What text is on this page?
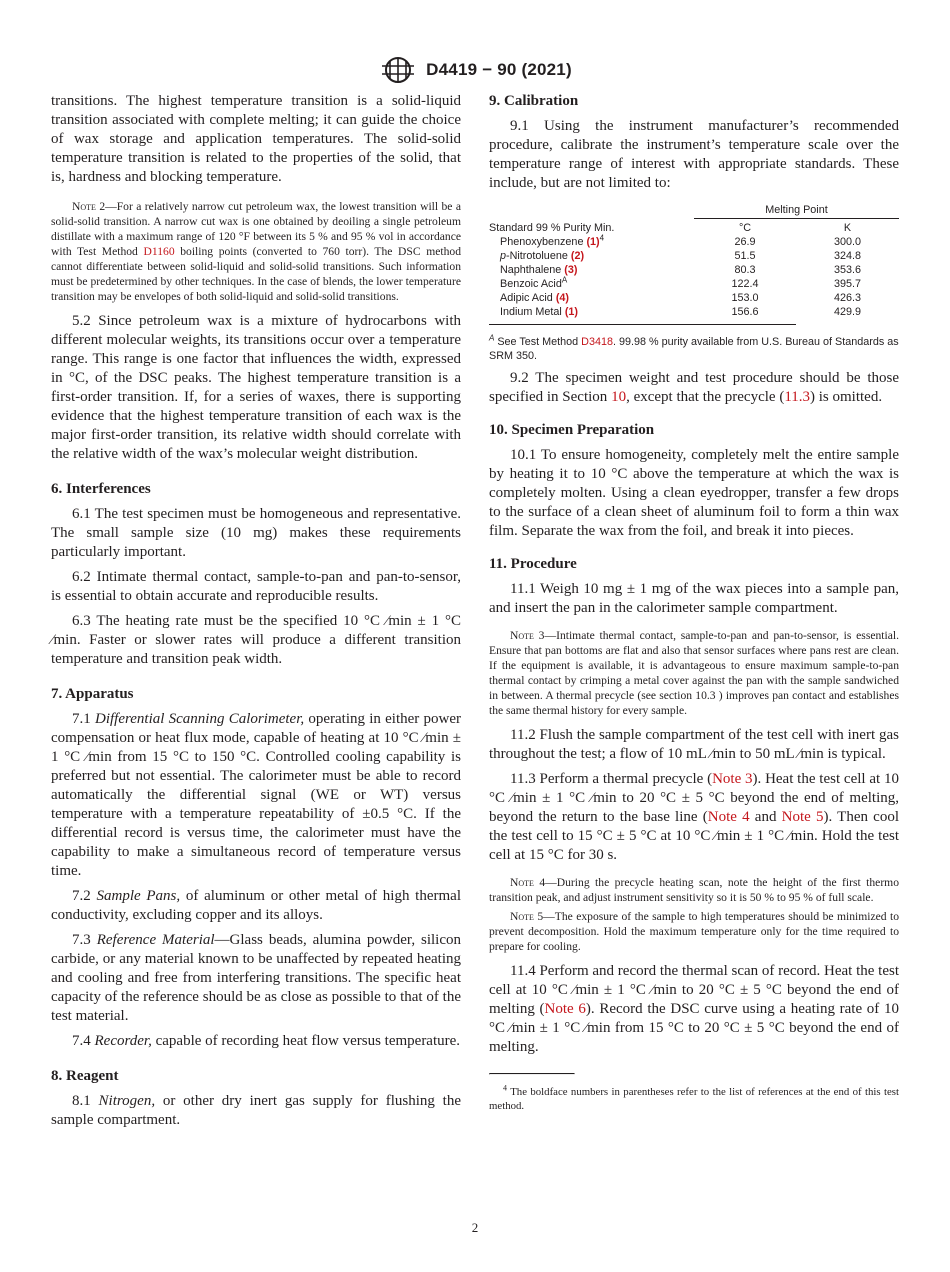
D4419 − 90 (2021)

transitions. The highest temperature transition is a solid-liquid transition associated with complete melting; it can guide the choice of wax storage and application temperatures. The solid-solid temperature transition is related to the properties of the solid, that is, hardness and blocking temperature.

Note 2—For a relatively narrow cut petroleum wax, the lowest transition will be a solid-solid transition. A narrow cut wax is one obtained by deoiling a single petroleum distillate with a maximum range of 120 °F between its 5 % and 95 % vol in accordance with Test Method D1160 boiling points (converted to 760 torr). The DSC method cannot differentiate between solid-liquid and solid-solid transitions. Such information must be predetermined by other techniques. In the case of blends, the lower temperature transition may be envelopes of both solid-liquid and solid-solid transitions.

5.2 Since petroleum wax is a mixture of hydrocarbons with different molecular weights, its transitions occur over a temperature range. This range is one factor that influences the width, expressed in °C, of the DSC peaks. The highest temperature transition is a first-order transition. If, for a series of waxes, there is supporting evidence that the highest temperature transition of each wax is the major first-order transition, its relative width should correlate with the relative width of the wax’s molecular weight distribution.

6. Interferences

6.1 The test specimen must be homogeneous and representative. The small sample size (10 mg) makes these requirements particularly important.

6.2 Intimate thermal contact, sample-to-pan and pan-to-sensor, is essential to obtain accurate and reproducible results.

6.3 The heating rate must be the specified 10 °C ⁄min ± 1 °C ⁄min. Faster or slower rates will produce a different transition temperature and transition peak width.

7. Apparatus

7.1 Differential Scanning Calorimeter, operating in either power compensation or heat flux mode, capable of heating at 10 °C ⁄min ± 1 °C ⁄min from 15 °C to 150 °C. Controlled cooling capability is preferred but not essential. The calorimeter must be able to record automatically the differential signal (WE or WT) versus temperature with a temperature repeatability of ±0.5 °C. If the differential record is versus time, the calorimeter must have the capability to make a simultaneous record of temperature versus time.

7.2 Sample Pans, of aluminum or other metal of high thermal conductivity, excluding copper and its alloys.

7.3 Reference Material—Glass beads, alumina powder, silicon carbide, or any material known to be unaffected by repeated heating and cooling and free from interfering transitions. The specific heat capacity of the reference should be as close as possible to that of the test material.

7.4 Recorder, capable of recording heat flow versus temperature.

8. Reagent

8.1 Nitrogen, or other dry inert gas supply for flushing the sample compartment.

9. Calibration

9.1 Using the instrument manufacturer’s recommended procedure, calibrate the instrument’s temperature scale over the temperature range of interest with appropriate standards. These include, but are not limited to:

	Melting Point	
Standard 99 % Purity Min.	°C	K
Phenoxybenzene $(1)^4$	26.9	300.0
p-Nitrotoluene (2)	51.5	324.8
Naphthalene (3)	80.3	353.6
Benzoic Acid$^A$	122.4	395.7
Adipic Acid (4)	153.0	426.3
Indium Metal (1)	156.6	429.9

$^A$ See Test Method D3418. 99.98 % purity available from U.S. Bureau of Standards as SRM 350.

9.2 The specimen weight and test procedure should be those specified in Section 10, except that the precycle (11.3) is omitted.

10. Specimen Preparation

10.1 To ensure homogeneity, completely melt the entire sample by heating it to 10 °C above the temperature at which the wax is completely molten. Using a clean eyedropper, transfer a few drops to the surface of a clean sheet of aluminum foil to form a thin wax film. Separate the wax from the foil, and break it into pieces.

11. Procedure

11.1 Weigh 10 mg ± 1 mg of the wax pieces into a sample pan, and insert the pan in the calorimeter sample compartment.

Note 3—Intimate thermal contact, sample-to-pan and pan-to-sensor, is essential. Ensure that pan bottoms are flat and also that sensor surfaces where pans rest are clean. If the equipment is available, it is advantageous to ensure maximum sample-to-pan thermal contact by crimping a metal cover against the pan with the sample sandwiched in between. A thermal precycle (see section 10.3 ) improves pan contact and establishes the same thermal history for every sample.

11.2 Flush the sample compartment of the test cell with inert gas throughout the test; a flow of 10 mL ⁄min to 50 mL ⁄min is typical.

11.3 Perform a thermal precycle (Note 3). Heat the test cell at 10 °C ⁄min ± 1 °C ⁄min to 20 °C ± 5 °C beyond the end of melting, beyond the return to the base line (Note 4 and Note 5). Then cool the test cell to 15 °C ± 5 °C at 10 °C ⁄min ± 1 °C ⁄min. Hold the test cell at 15 °C for 30 s.

Note 4—During the precycle heating scan, note the height of the first thermo transition peak, and adjust instrument sensitivity so it is 50 % to 95 % of full scale.

Note 5—The exposure of the sample to high temperatures should be minimized to prevent decomposition. Hold the maximum temperature only for the time required to prepare for cooling.

11.4 Perform and record the thermal scan of record. Heat the test cell at 10 °C ⁄min ± 1 °C ⁄min to 20 °C ± 5 °C beyond the end of melting (Note 6). Record the DSC curve using a heating rate of 10 °C ⁄min ± 1 °C ⁄min from 15 °C to 20 °C ± 5 °C beyond the end of melting.

$^4$ The boldface numbers in parentheses refer to the list of references at the end of this test method.

2
